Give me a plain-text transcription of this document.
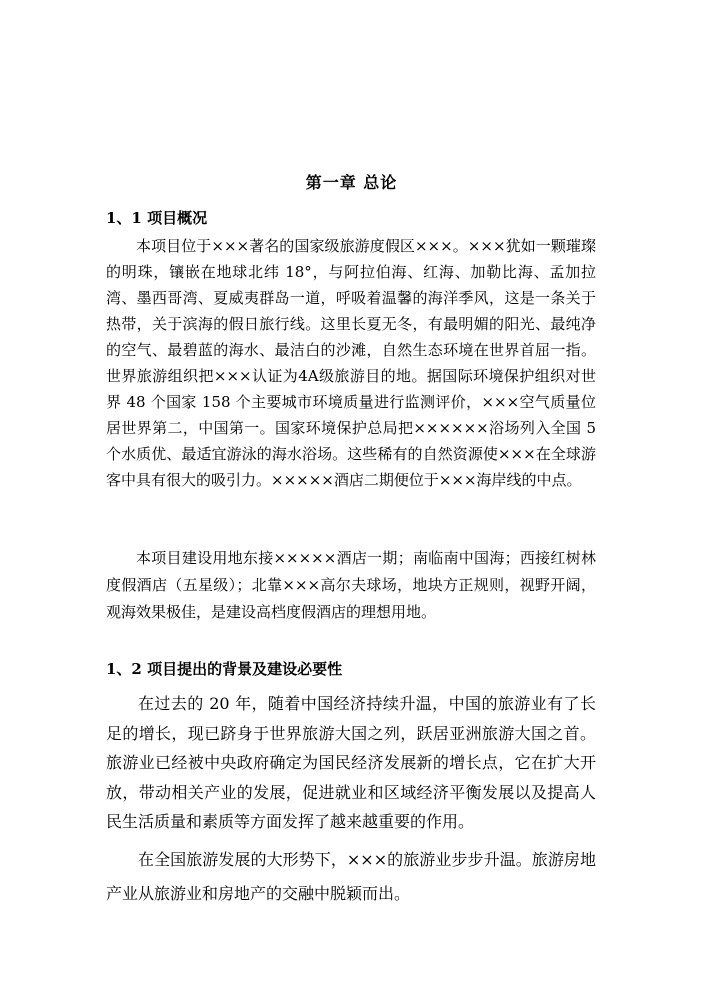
第一章 总论
1、1 项目概况

本项目位于×××著名的国家级旅游度假区×××。×××犹如一颗璀璨的明珠，镶嵌在地球北纬 18°，与阿拉伯海、红海、加勒比海、孟加拉湾、墨西哥湾、夏威夷群岛一道，呼吸着温馨的海洋季风，这是一条关于热带，关于滨海的假日旅行线。这里长夏无冬，有最明媚的阳光、最纯净的空气、最碧蓝的海水、最洁白的沙滩，自然生态环境在世界首屈一指。世界旅游组织把×××认证为4A级旅游目的地。据国际环境保护组织对世界 48 个国家 158 个主要城市环境质量进行监测评价，×××空气质量位居世界第二，中国第一。国家环境保护总局把××××××浴场列入全国 5 个水质优、最适宜游泳的海水浴场。这些稀有的自然资源使×××在全球游客中具有很大的吸引力。×××××酒店二期便位于×××海岸线的中点。

本项目建设用地东接×××××酒店一期；南临南中国海；西接红树林度假酒店（五星级）；北靠×××高尔夫球场，地块方正规则，视野开阔，观海效果极佳，是建设高档度假酒店的理想用地。

1、2 项目提出的背景及建设必要性

在过去的 20 年，随着中国经济持续升温，中国的旅游业有了长足的增长，现已跻身于世界旅游大国之列，跃居亚洲旅游大国之首。旅游业已经被中央政府确定为国民经济发展新的增长点，它在扩大开放，带动相关产业的发展，促进就业和区域经济平衡发展以及提高人民生活质量和素质等方面发挥了越来越重要的作用。

在全国旅游发展的大形势下，×××的旅游业步步升温。旅游房地产业从旅游业和房地产的交融中脱颖而出。
